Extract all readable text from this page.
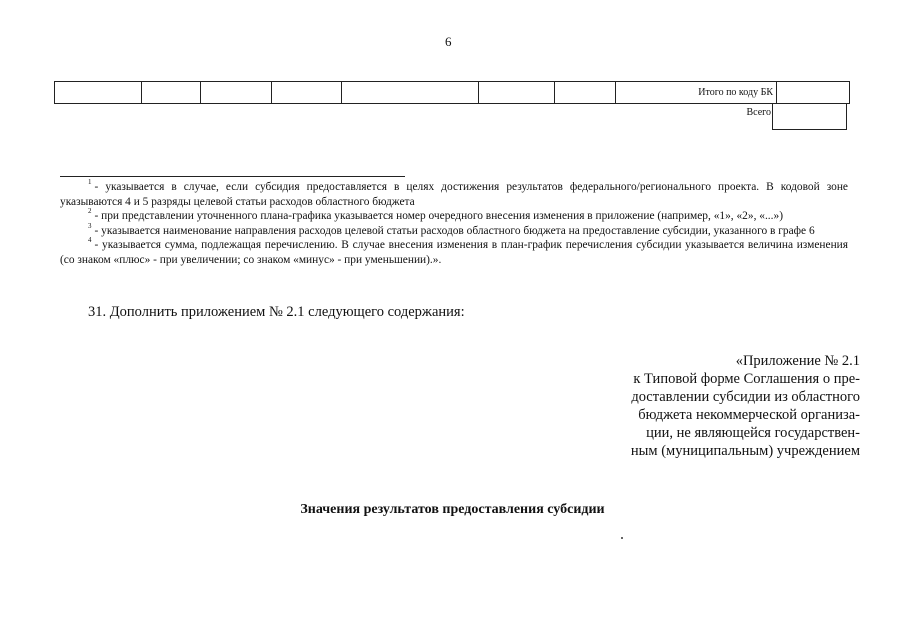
6
							Итого по коду БК	
Всего

$^1$ - указывается в случае, если субсидия предоставляется в целях достижения результатов федерального/регионального проекта. В кодовой зоне указываются 4 и 5 разряды целевой статьи расходов областного бюджета

$^2$ - при представлении уточненного плана-графика указывается номер очередного внесения изменения в приложение (например, «1», «2», «...»)

$^3$ - указывается наименование направления расходов целевой статьи расходов областного бюджета на предоставление субсидии, указанного в графе 6

$^4$ - указывается сумма, подлежащая перечислению. В случае внесения изменения в план-график перечисления субсидии указывается величина изменения (со знаком «плюс» - при увеличении; со знаком «минус» - при уменьшении).».

31. Дополнить приложением № 2.1 следующего содержания:
«Приложение № 2.1
к Типовой форме Соглашения о пре-
доставлении субсидии из областного
бюджета некоммерческой организа-
ции, не являющейся государствен-
ным (муниципальным) учреждением
Значения результатов предоставления субсидии
